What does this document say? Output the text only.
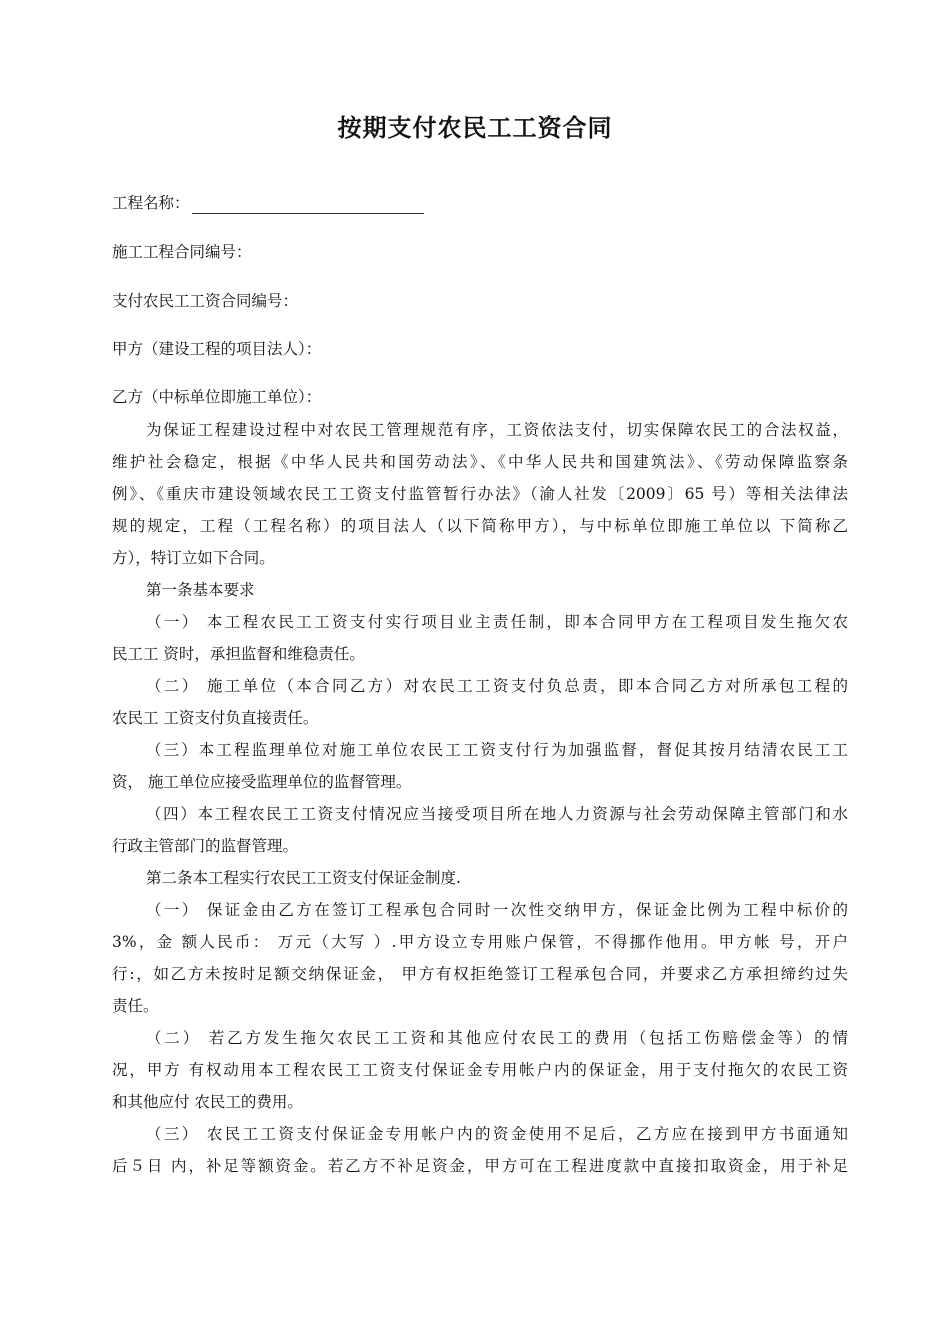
按期支付农民工工资合同
工程名称：
施工工程合同编号：
支付农民工工资合同编号：
甲方（建设工程的项目法人）：
乙方（中标单位即施工单位）：
为保证工程建设过程中对农民工管理规范有序，工资依法支付，切实保障农民工的合法权益，
维护社会稳定，根据《中华人民共和国劳动法》、《中华人民共和国建筑法》、《劳动保障监察条
例》、《重庆市建设领域农民工工资支付监管暂行办法》（渝人社发〔2009〕65 号）等相关法律法
规的规定，工程（工程名称）的项目法人（以下简称甲方），与中标单位即施工单位以 下简称乙
方），特订立如下合同。
第一条基本要求
（一） 本工程农民工工资支付实行项目业主责任制，即本合同甲方在工程项目发生拖欠农
民工工 资时，承担监督和维稳责任。
（二） 施工单位（本合同乙方）对农民工工资支付负总责，即本合同乙方对所承包工程的
农民工 工资支付负直接责任。
（三）本工程监理单位对施工单位农民工工资支付行为加强监督，督促其按月结清农民工工
资， 施工单位应接受监理单位的监督管理。
（四）本工程农民工工资支付情况应当接受项目所在地人力资源与社会劳动保障主管部门和水
行政主管部门的监督管理。
第二条本工程实行农民工工资支付保证金制度.
（一） 保证金由乙方在签订工程承包合同时一次性交纳甲方，保证金比例为工程中标价的
3%，金 额人民币： 万元（大写 ）.甲方设立专用账户保管，不得挪作他用。甲方帐 号，开户
行:，如乙方未按时足额交纳保证金， 甲方有权拒绝签订工程承包合同，并要求乙方承担缔约过失
责任。
（二） 若乙方发生拖欠农民工工资和其他应付农民工的费用（包括工伤赔偿金等）的情
况，甲方 有权动用本工程农民工工资支付保证金专用帐户内的保证金，用于支付拖欠的农民工资
和其他应付 农民工的费用。
（三） 农民工工资支付保证金专用帐户内的资金使用不足后，乙方应在接到甲方书面通知
后５日 内，补足等额资金。若乙方不补足资金，甲方可在工程进度款中直接扣取资金，用于补足
